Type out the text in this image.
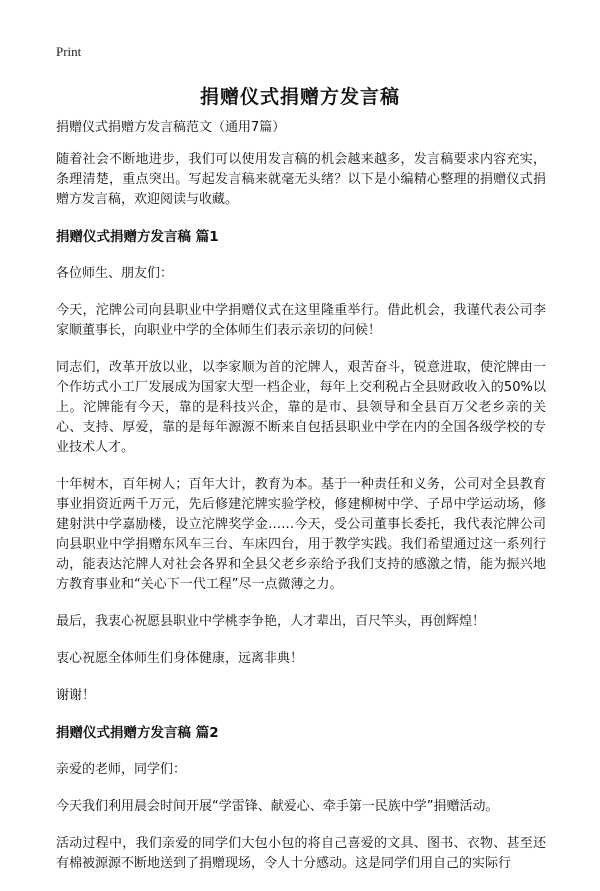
Print
捐赠仪式捐赠方发言稿
捐赠仪式捐赠方发言稿范文（通用7篇）
随着社会不断地进步，我们可以使用发言稿的机会越来越多，发言稿要求内容充实，条理清楚，重点突出。写起发言稿来就毫无头绪？以下是小编精心整理的捐赠仪式捐赠方发言稿，欢迎阅读与收藏。
捐赠仪式捐赠方发言稿 篇1
各位师生、朋友们：
今天，沱牌公司向县职业中学捐赠仪式在这里隆重举行。借此机会，我谨代表公司李家顺董事长，向职业中学的全体师生们表示亲切的问候！
同志们，改革开放以业，以李家顺为首的沱牌人，艰苦奋斗，锐意进取，使沱牌由一个作坊式小工厂发展成为国家大型一档企业，每年上交利税占全县财政收入的50%以上。沱牌能有今天，靠的是科技兴企，靠的是市、县领导和全县百万父老乡亲的关心、支持、厚爱，靠的是每年源源不断来自包括县职业中学在内的全国各级学校的专业技术人才。
十年树木，百年树人；百年大计，教育为本。基于一种责任和义务，公司对全县教育事业捐资近两千万元，先后修建沱牌实验学校，修建柳树中学、子昂中学运动场，修建射洪中学嘉励楼，设立沱牌奖学金……今天，受公司董事长委托，我代表沱牌公司向县职业中学捐赠东风车三台、车床四台，用于教学实践。我们希望通过这一系列行动，能表达沱牌人对社会各界和全县父老乡亲给予我们支持的感激之情，能为振兴地方教育事业和“关心下一代工程”尽一点微薄之力。
最后，我衷心祝愿县职业中学桃李争艳，人才辈出，百尺竿头，再创辉煌！
衷心祝愿全体师生们身体健康，远离非典！
谢谢！
捐赠仪式捐赠方发言稿 篇2
亲爱的老师，同学们：
今天我们利用晨会时间开展“学雷锋、献爱心、牵手第一民族中学”捐赠活动。
活动过程中，我们亲爱的同学们大包小包的将自己喜爱的文具、图书、衣物、甚至还有棉被源源不断地送到了捐赠现场，令人十分感动。这是同学们用自己的实际行
